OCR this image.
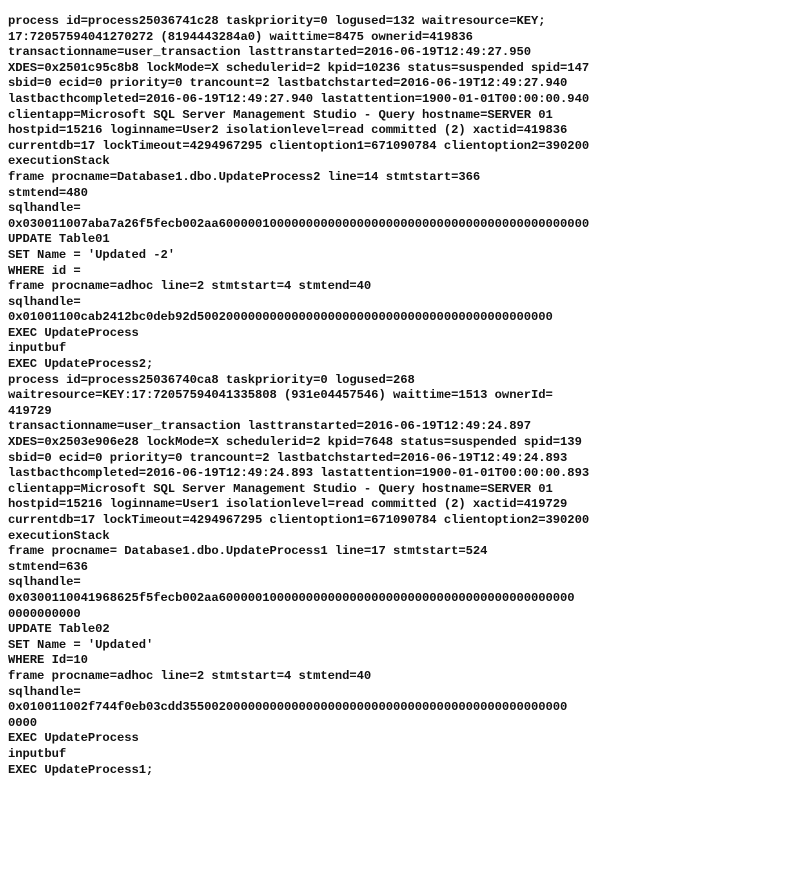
process id=process25036741c28 taskpriority=0 logused=132 waitresource=KEY;
17:72057594041270272 (8194443284a0) waittime=8475 ownerid=419836
transactionname=user_transaction lasttranstarted=2016-06-19T12:49:27.950
XDES=0x2501c95c8b8 lockMode=X schedulerid=2 kpid=10236 status=suspended spid=147
sbid=0 ecid=0 priority=0 trancount=2 lastbatchstarted=2016-06-19T12:49:27.940
lastbacthcompleted=2016-06-19T12:49:27.940 lastattention=1900-01-01T00:00:00.940
clientapp=Microsoft SQL Server Management Studio - Query hostname=SERVER 01
hostpid=15216 loginname=User2 isolationlevel=read committed (2) xactid=419836
currentdb=17 lockTimeout=4294967295 clientoption1=671090784 clientoption2=390200
executionStack
frame procname=Database1.dbo.UpdateProcess2 line=14 stmtstart=366
stmtend=480
sqlhandle=
0x030011007aba7a26f5fecb002aa600000100000000000000000000000000000000000000000000
UPDATE Table01
SET Name = 'Updated -2'
WHERE id =
frame procname=adhoc line=2 stmtstart=4 stmtend=40
sqlhandle=
0x01001100cab2412bc0deb92d5002000000000000000000000000000000000000000000000
EXEC UpdateProcess
inputbuf
EXEC UpdateProcess2;
process id=process25036740ca8 taskpriority=0 logused=268
waitresource=KEY:17:72057594041335808 (931e04457546) waittime=1513 ownerId=
419729
transactionname=user_transaction lasttranstarted=2016-06-19T12:49:24.897
XDES=0x2503e906e28 lockMode=X schedulerid=2 kpid=7648 status=suspended spid=139
sbid=0 ecid=0 priority=0 trancount=2 lastbatchstarted=2016-06-19T12:49:24.893
lastbacthcompleted=2016-06-19T12:49:24.893 lastattention=1900-01-01T00:00:00.893
clientapp=Microsoft SQL Server Management Studio - Query hostname=SERVER 01
hostpid=15216 loginname=User1 isolationlevel=read committed (2) xactid=419729
currentdb=17 lockTimeout=4294967295 clientoption1=671090784 clientoption2=390200
executionStack
frame procname= Database1.dbo.UpdateProcess1 line=17 stmtstart=524
stmtend=636
sqlhandle=
0x0300110041968625f5fecb002aa6000001000000000000000000000000000000000000000000
0000000000
UPDATE Table02
SET Name = 'Updated'
WHERE Id=10
frame procname=adhoc line=2 stmtstart=4 stmtend=40
sqlhandle=
0x010011002f744f0eb03cdd35500200000000000000000000000000000000000000000000000
0000
EXEC UpdateProcess
inputbuf
EXEC UpdateProcess1;
